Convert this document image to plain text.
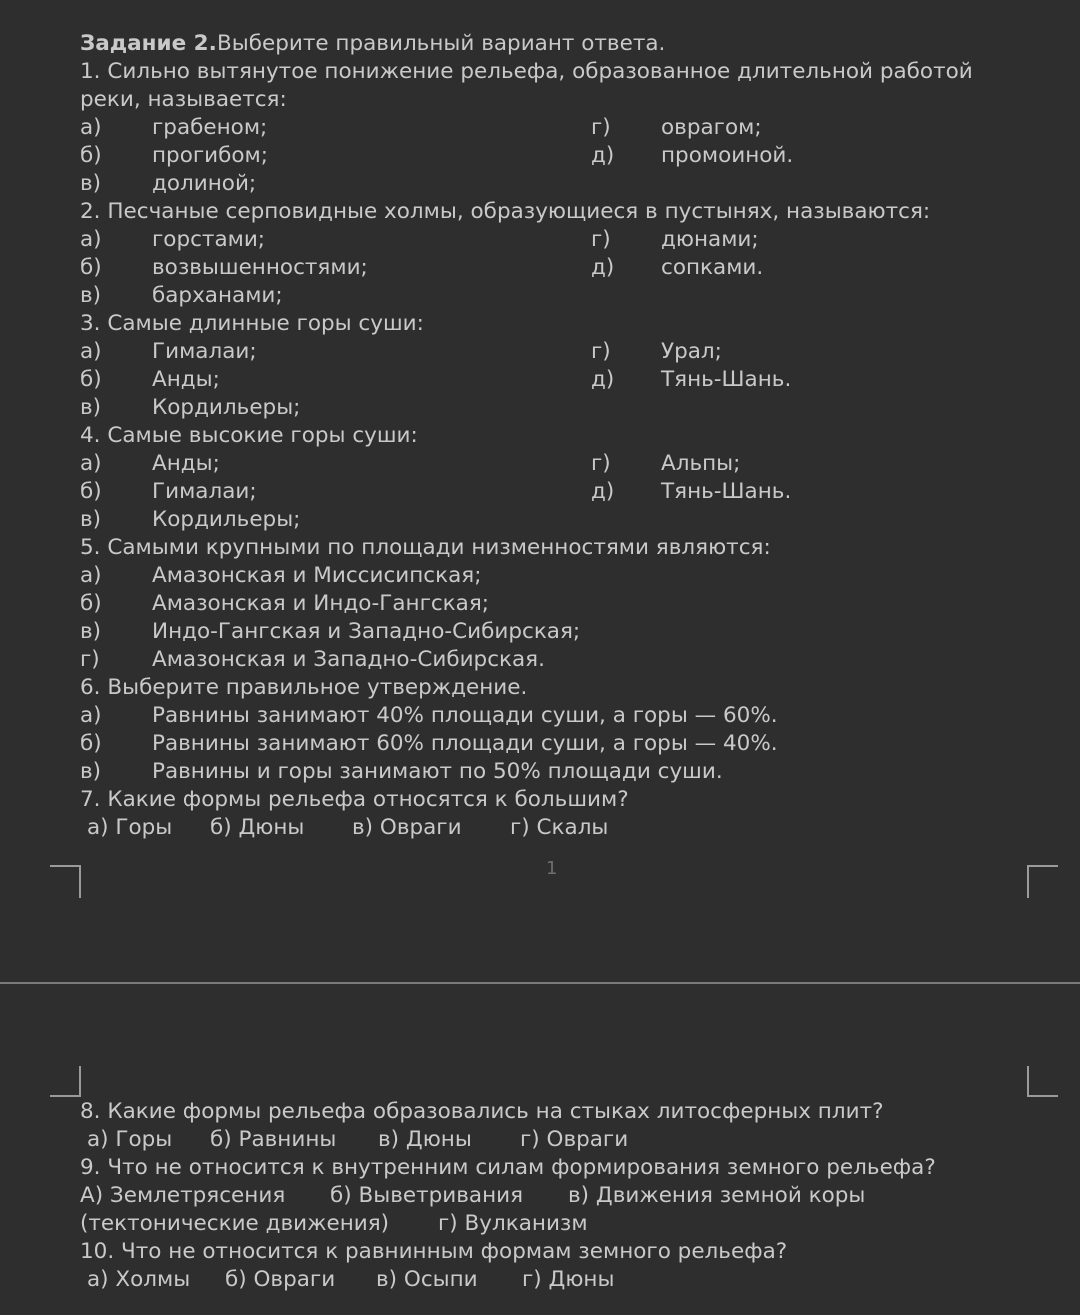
Задание 2. Выберите правильный вариант ответа.
1. Сильно вытянутое понижение рельефа, образованное длительной работой
реки, называется:
а) грабеном;	г) оврагом;
б) прогибом;	д) промоиной.
в) долиной;
2. Песчаные серповидные холмы, образующиеся в пустынях, называются:
а) горстами;	г) дюнами;
б) возвышенностями;	д) сопками.
в) барханами;
3. Самые длинные горы суши:
а) Гималаи;	г) Урал;
б) Анды;	д) Тянь-Шань.
в) Кордильеры;
4. Самые высокие горы суши:
а) Анды;	г) Альпы;
б) Гималаи;	д) Тянь-Шань.
в) Кордильеры;
5. Самыми крупными по площади низменностями являются:
а) Амазонская и Миссисипская;
б) Амазонская и Индо-Гангская;
в) Индо-Гангская и Западно-Сибирская;
г) Амазонская и Западно-Сибирская.
6. Выберите правильное утверждение.
а) Равнины занимают 40% площади суши, а горы — 60%.
б) Равнины занимают 60% площади суши, а горы — 40%.
в) Равнины и горы занимают по 50% площади суши.
7. Какие формы рельефа относятся к большим?
а) Горы б) Дюны в) Овраги г) Скалы
1
8. Какие формы рельефа образовались на стыках литосферных плит?
а) Горы б) Равнины в) Дюны г) Овраги
9. Что не относится к внутренним силам формирования земного рельефа?
А) Землетрясения б) Выветривания в) Движения земной коры
(тектонические движения) г) Вулканизм
10. Что не относится к равнинным формам земного рельефа?
а) Холмы б) Овраги в) Осыпи г) Дюны
